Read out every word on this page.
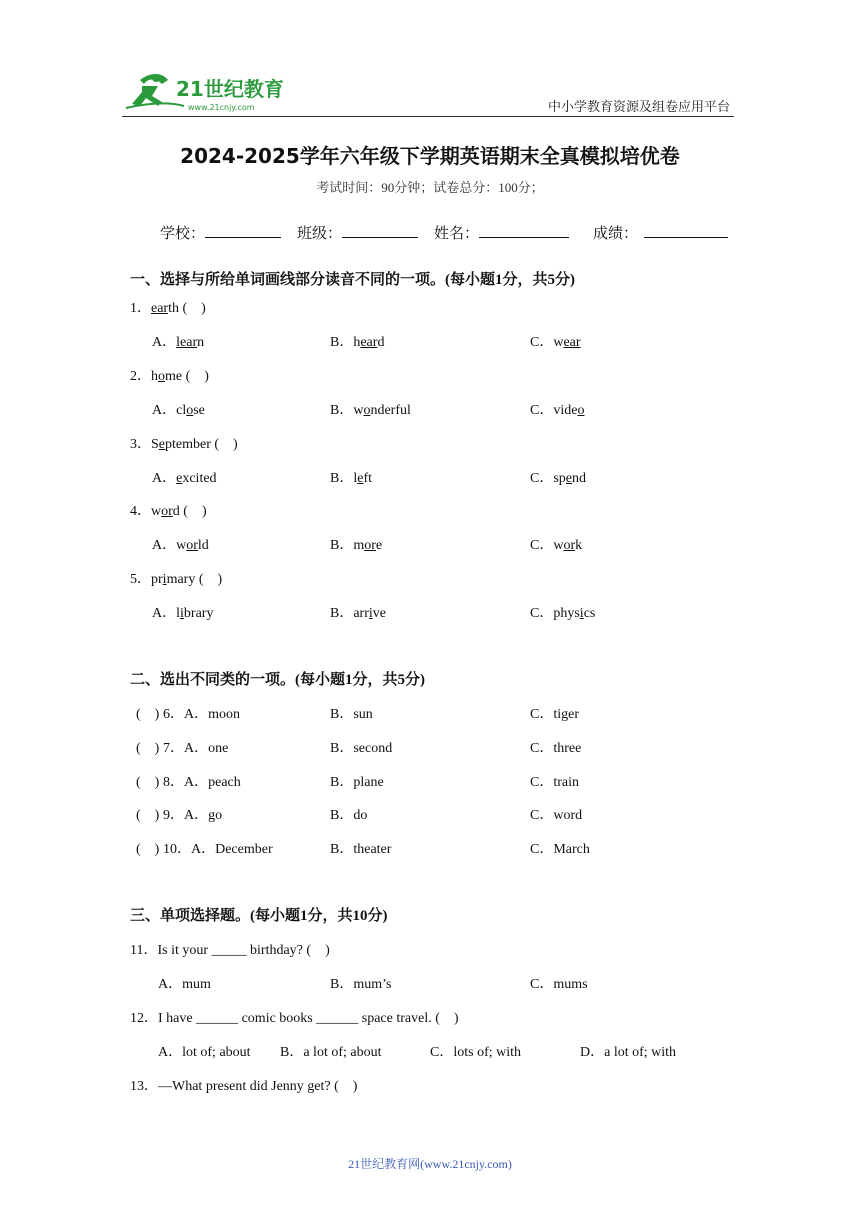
21世纪教育
www.21cnjy.com	中小学教育资源及组卷应用平台
2024-2025学年六年级下学期英语期末全真模拟培优卷
考试时间：90分钟；试卷总分：100分；
学校：	班级：	姓名：	成绩：
一、选择与所给单词画线部分读音不同的一项。(每小题1分，共5分)
1．earth (　)
A．learn	B．heard	C．wear
2．home (　)
A．close	B．wonderful	C．video
3．September (　)
A．excited	B．left	C．spend
4．word (　)
A．world	B．more	C．work
5．primary (　)
A．library	B．arrive	C．physics
二、选出不同类的一项。(每小题1分，共5分)
(　) 6．A．moon	B．sun	C．tiger
(　) 7．A．one	B．second	C．three
(　) 8．A．peach	B．plane	C．train
(　) 9．A．go	B．do	C．word
(　) 10．A．December	B．theater	C．March
三、单项选择题。(每小题1分，共10分)
11．Is it your _____ birthday? (　)
A．mum	B．mum’s	C．mums
12．I have ______ comic books ______ space travel. (　)
A．lot of; about B．a lot of; about	C．lots of; with	D．a lot of; with
13．—What present did Jenny get? (　)
21世纪教育网(www.21cnjy.com)
